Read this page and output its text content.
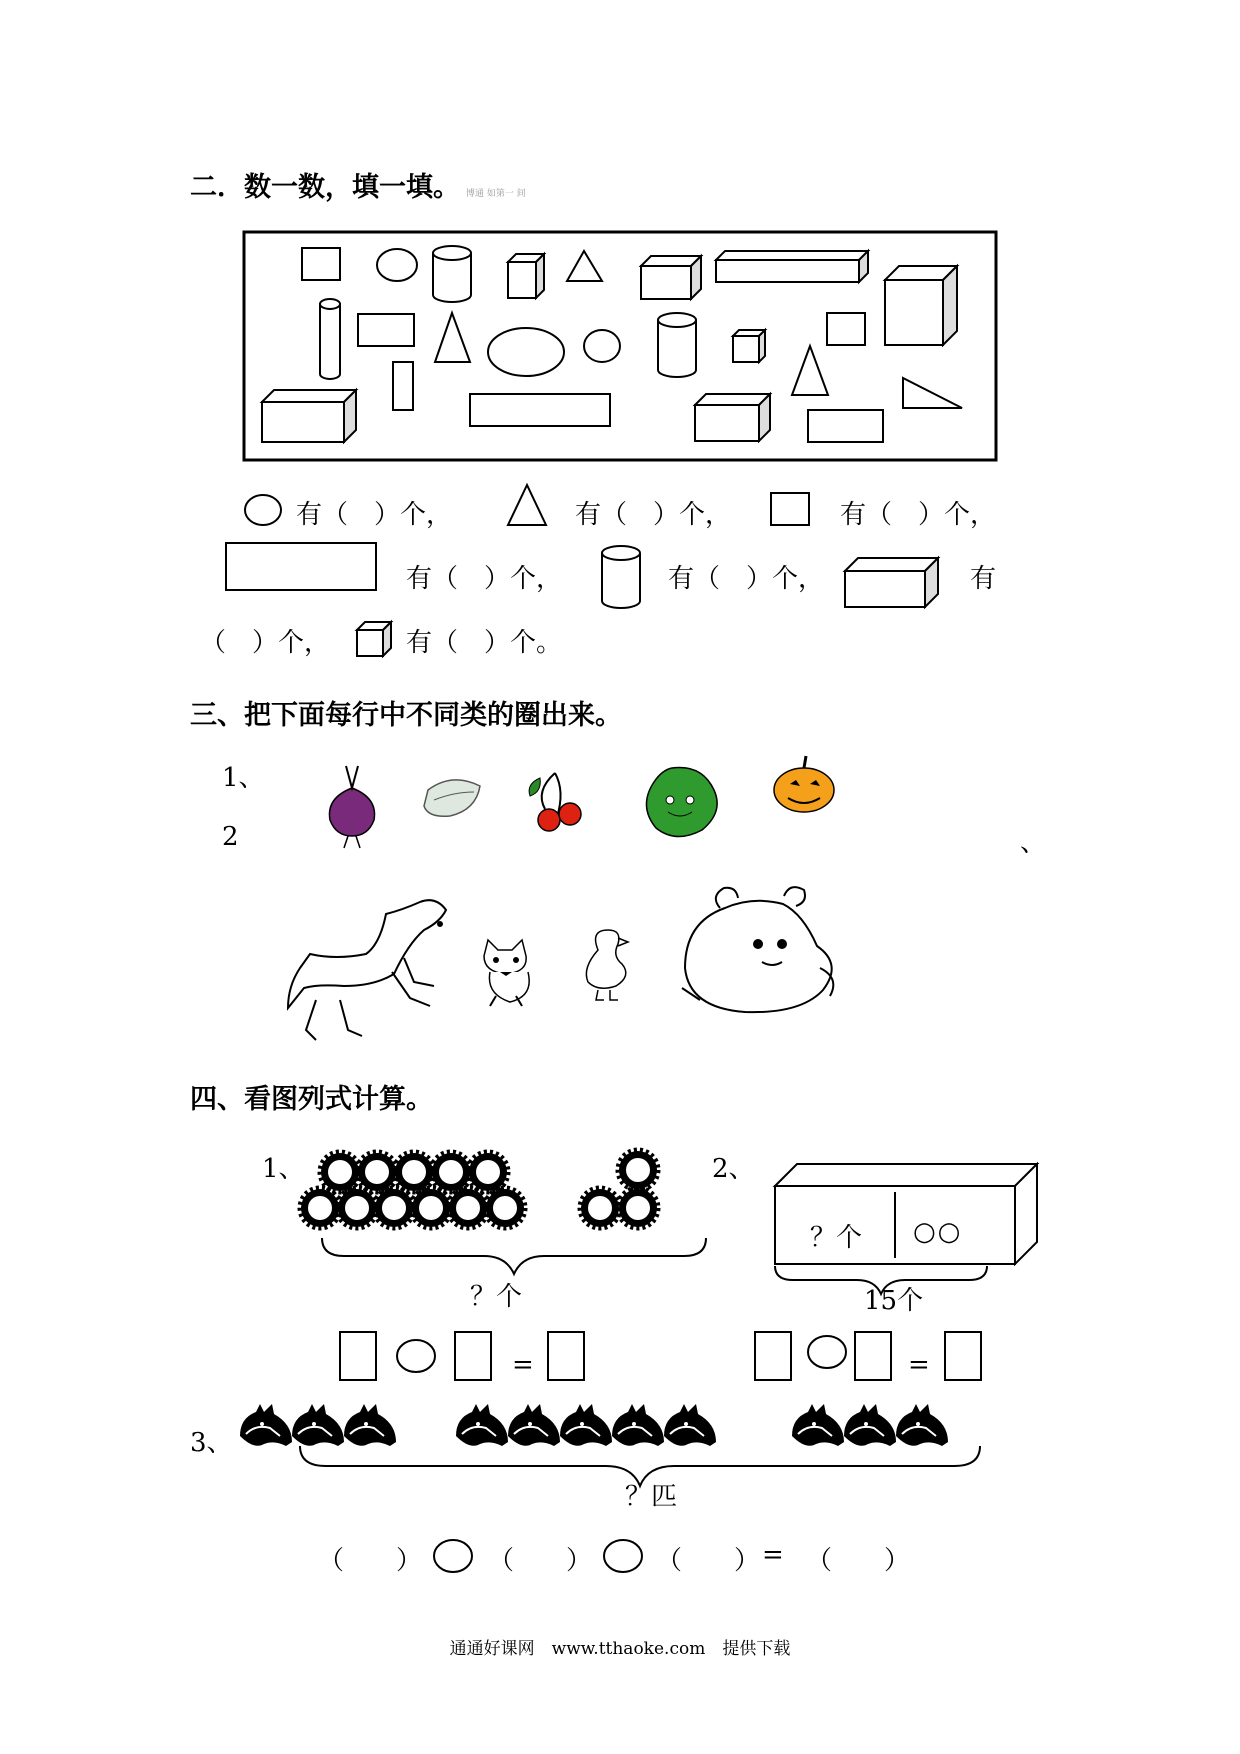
二．数一数，填一填。 博通 如第一 间
有（　）个，	有（　）个，	有（　）个，
有（　）个，	有（　）个，	有
（　）个，	有（　）个。
三、把下面每行中不同类的圈出来。
1、
2	、
四、看图列式计算。
1、	2、
3、
？个 ○○
？个	15个
=	=
？匹
（　　）	（　　） （　　） = （　　）
通通好课网　www.tthaoke.com　提供下载
